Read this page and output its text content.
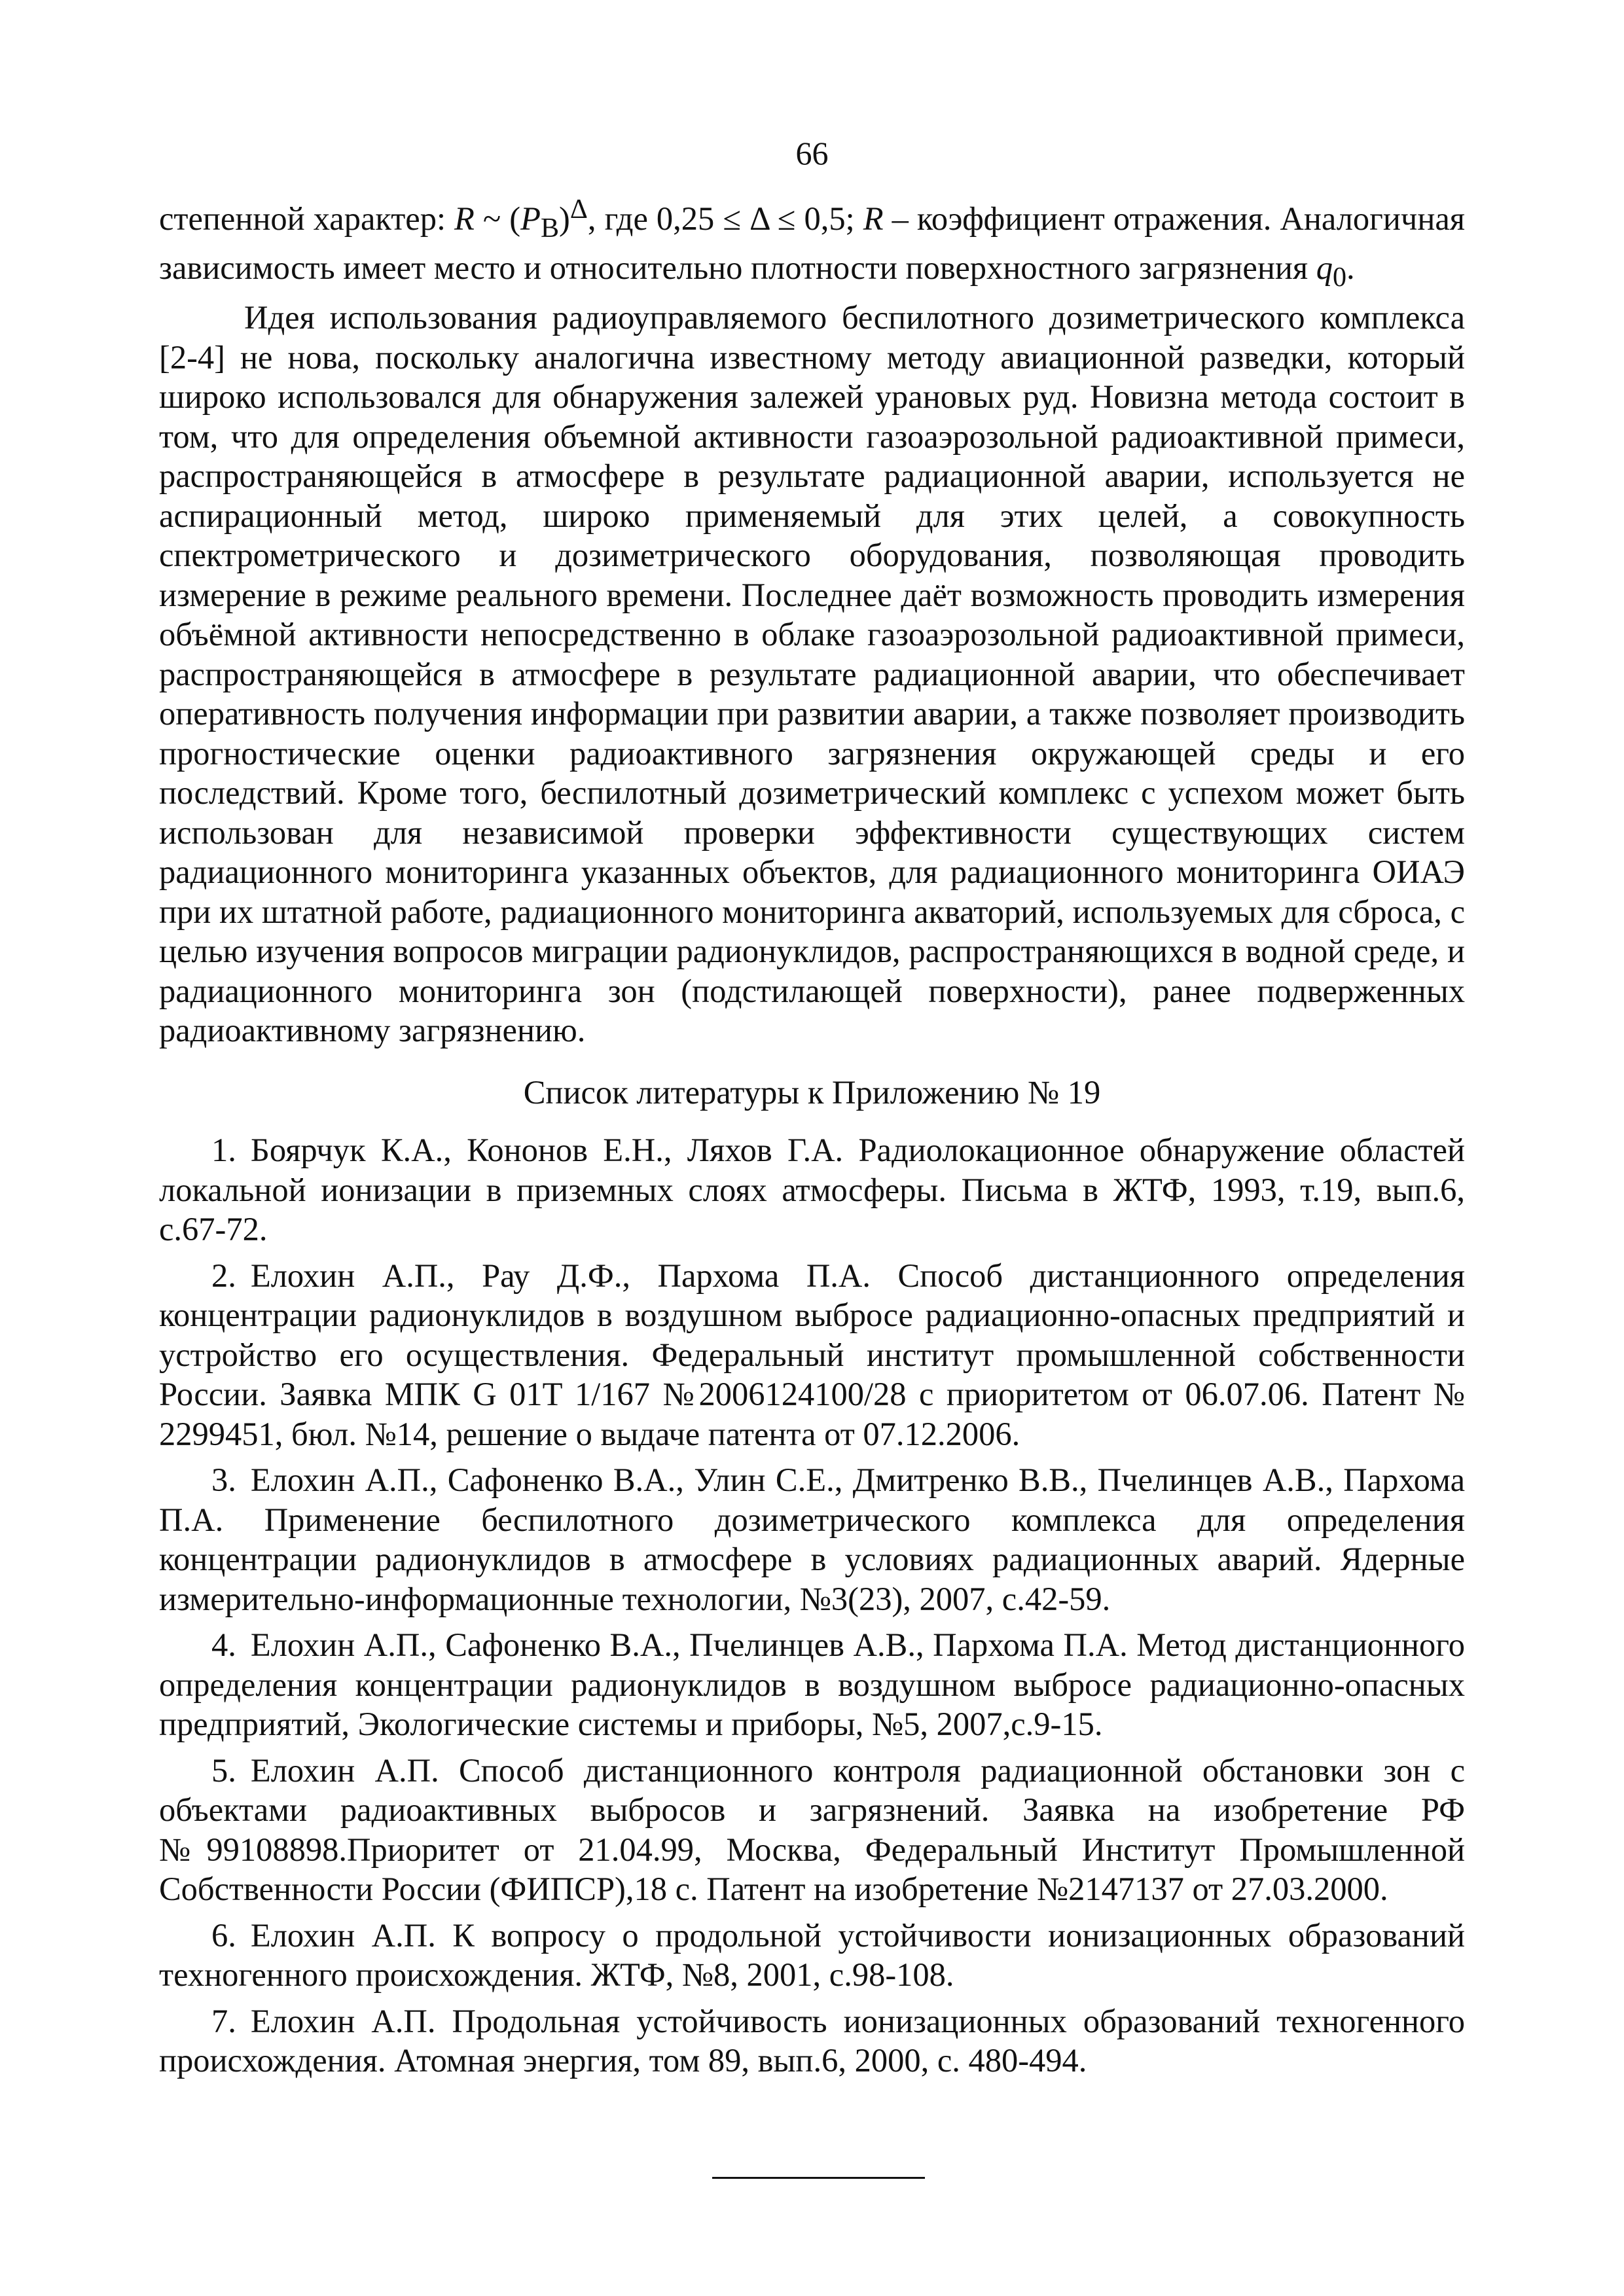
66

степенной характер: R ~ $(P_В)^\Delta$, где 0,25 ≤ Δ ≤ 0,5; R – коэффициент отражения. Аналогичная зависимость имеет место и относительно плотности поверхностного загрязнения $q_0$.

Идея использования радиоуправляемого беспилотного дозиметрического комплекса [2-4] не нова, поскольку аналогична известному методу авиационной разведки, который широко использовался для обнаружения залежей урановых руд. Новизна метода состоит в том, что для определения объемной активности газоаэрозольной радиоактивной примеси, распространяющейся в атмосфере в результате радиационной аварии, используется не аспирационный метод, широко применяемый для этих целей, а совокупность спектрометрического и дозиметрического оборудования, позволяющая проводить измерение в режиме реального времени. Последнее даёт возможность проводить измерения объёмной активности непосредственно в облаке газоаэрозольной радиоактивной примеси, распространяющейся в атмосфере в результате радиационной аварии, что обеспечивает оперативность получения информации при развитии аварии, а также позволяет производить прогностические оценки радиоактивного загрязнения окружающей среды и его последствий. Кроме того, беспилотный дозиметрический комплекс с успехом может быть использован для независимой проверки эффективности существующих систем радиационного мониторинга указанных объектов, для радиационного мониторинга ОИАЭ при их штатной работе, радиационного мониторинга акваторий, используемых для сброса, с целью изучения вопросов миграции радионуклидов, распространяющихся в водной среде, и радиационного мониторинга зон (подстилающей поверхности), ранее подверженных радиоактивному загрязнению.

Список литературы к Приложению № 19

1. Боярчук К.А., Кононов Е.Н., Ляхов Г.А. Радиолокационное обнаружение областей локальной ионизации в приземных слоях атмосферы. Письма в ЖТФ, 1993, т.19, вып.6, с.67-72.

2. Елохин А.П., Рау Д.Ф., Пархома П.А. Способ дистанционного определения концентрации радионуклидов в воздушном выбросе радиационно-опасных предприятий и устройство его осуществления. Федеральный институт промышленной собственности России. Заявка МПК G 01T 1/167 №2006124100/28 с приоритетом от 06.07.06. Патент № 2299451, бюл. №14, решение о выдаче патента от 07.12.2006.

3. Елохин А.П., Сафоненко В.А., Улин С.Е., Дмитренко В.В., Пчелинцев А.В., Пархома П.А. Применение беспилотного дозиметрического комплекса для определения концентрации радионуклидов в атмосфере в условиях радиационных аварий. Ядерные измерительно-информационные технологии, №3(23), 2007, с.42-59.

4. Елохин А.П., Сафоненко В.А., Пчелинцев А.В., Пархома П.А. Метод дистанционного определения концентрации радионуклидов в воздушном выбросе радиационно-опасных предприятий, Экологические системы и приборы, №5, 2007,с.9-15.

5. Елохин А.П. Способ дистанционного контроля радиационной обстановки зон с объектами радиоактивных выбросов и загрязнений. Заявка на изобретение РФ №99108898.Приоритет от 21.04.99, Москва, Федеральный Институт Промышленной Собственности России (ФИПСР),18 с. Патент на изобретение №2147137 от 27.03.2000.

6. Елохин А.П. К вопросу о продольной устойчивости ионизационных образований техногенного происхождения. ЖТФ, №8, 2001, с.98-108.

7. Елохин А.П. Продольная устойчивость ионизационных образований техногенного происхождения. Атомная энергия, том 89, вып.6, 2000, с. 480-494.
